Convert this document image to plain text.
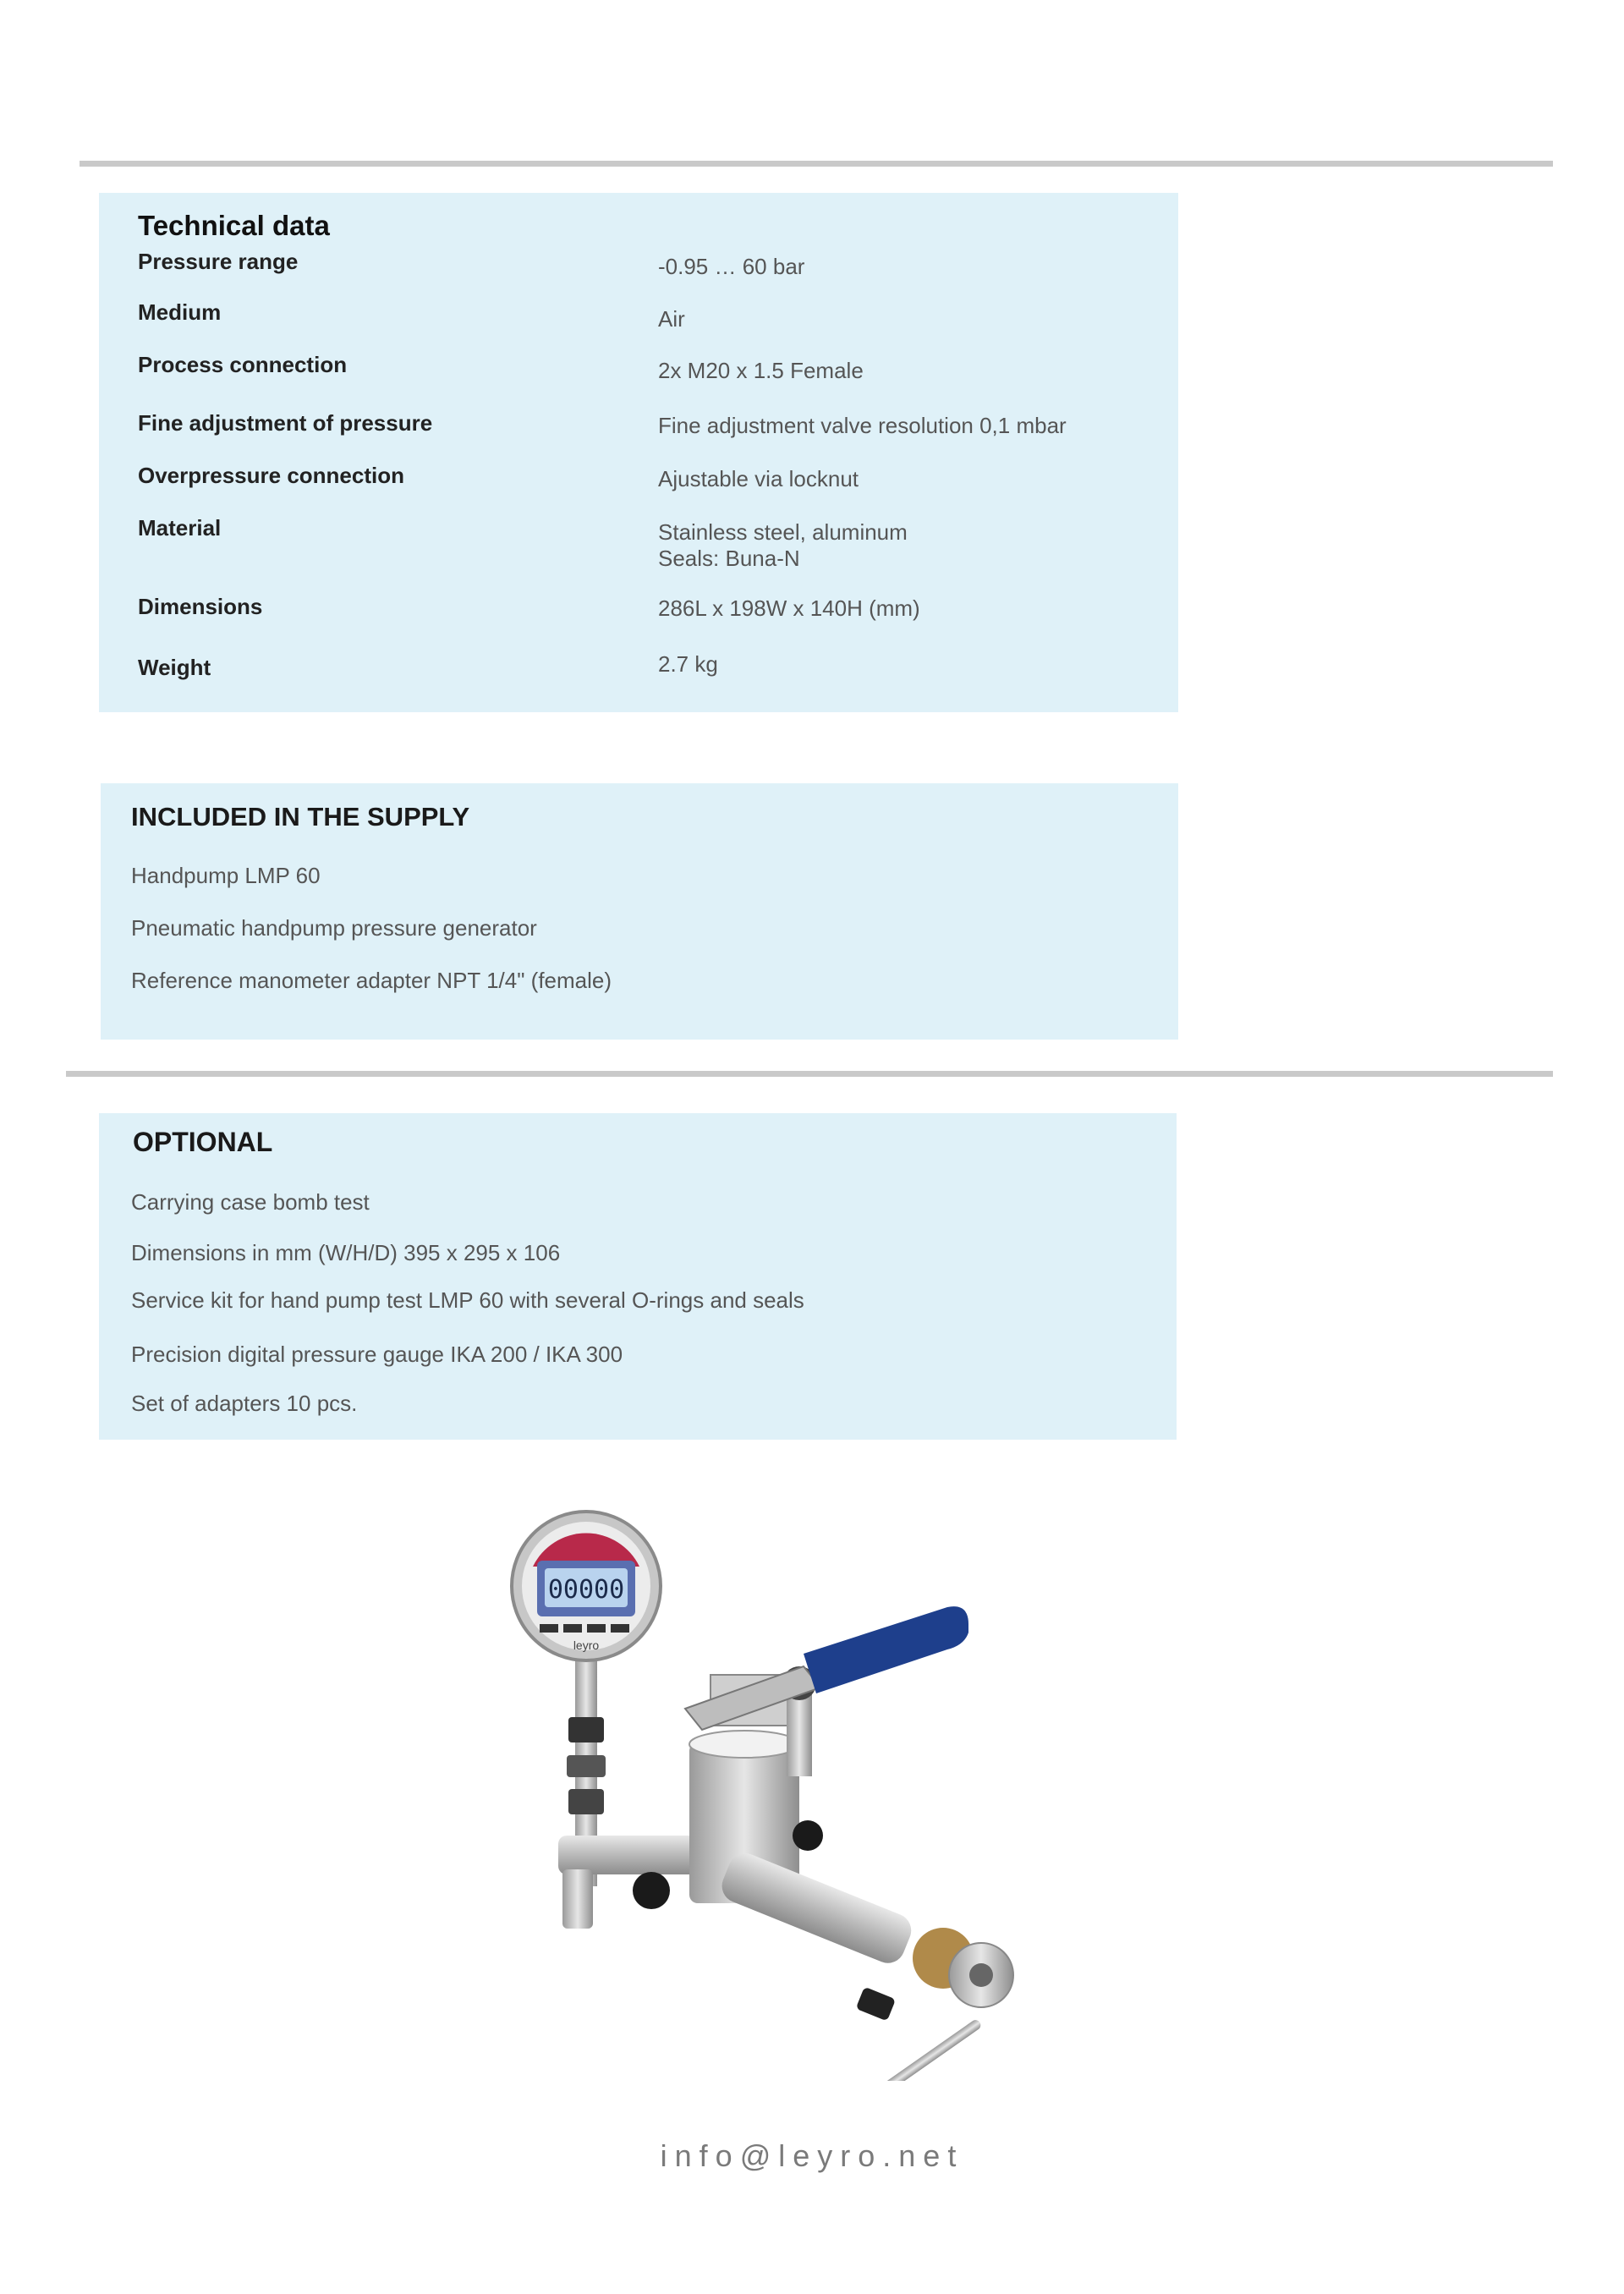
Technical data
Pressure range	-0.95 … 60 bar
Medium	Air
Process connection	2x M20 x 1.5 Female
Fine adjustment of pressure	Fine adjustment valve resolution 0,1 mbar
Overpressure connection	Ajustable via locknut
Material	Stainless steel, aluminum
Seals: Buna-N
Dimensions	286L x 198W x 140H (mm)
Weight	2.7 kg
INCLUDED IN THE SUPPLY
Handpump LMP 60
Pneumatic handpump pressure generator
Reference manometer adapter NPT 1/4" (female)
OPTIONAL
Carrying case bomb test
Dimensions in mm (W/H/D) 395 x 295 x 106
Service kit for hand pump test LMP 60 with several O-rings and seals
Precision digital pressure gauge IKA 200 / IKA 300
Set of adapters 10 pcs.
00000
leyro
info@leyro.net
